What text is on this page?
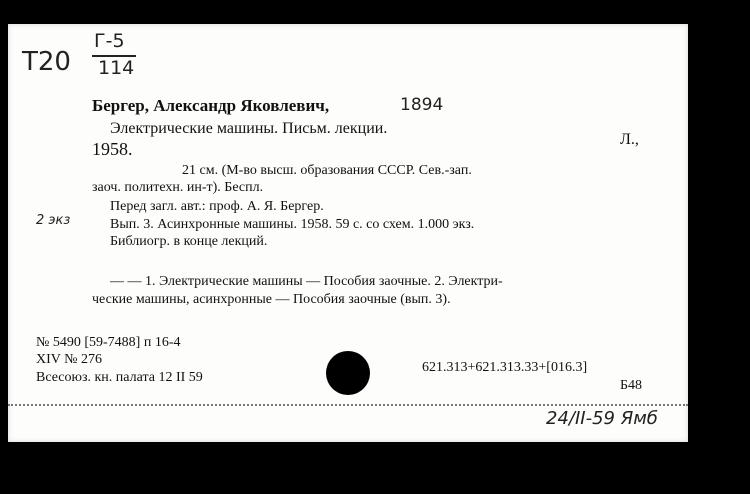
T20
Г-5
114
Бергер, Александр Яковлевич,	1894
Электрические машины. Письм. лекции.
Л.,
1958.
21 см. (М-во высш. образования СССР. Сев.-зап.
заоч. политехн. ин-т). Беспл.
Перед загл. авт.: проф. А. Я. Бергер.
2 экз	Вып. 3. Асинхронные машины. 1958. 59 с. со схем. 1.000 экз.
Библиогр. в конце лекций.
— — 1. Электрические машины — Пособия заочные. 2. Электри-
ческие машины, асинхронные — Пособия заочные (вып. 3).
№ 5490 [59-7488] п 16-4
XIV № 276
Всесоюз. кн. палата 12 II 59
621.313+621.313.33+[016.3]
Б48
24/II-59 Ямб
